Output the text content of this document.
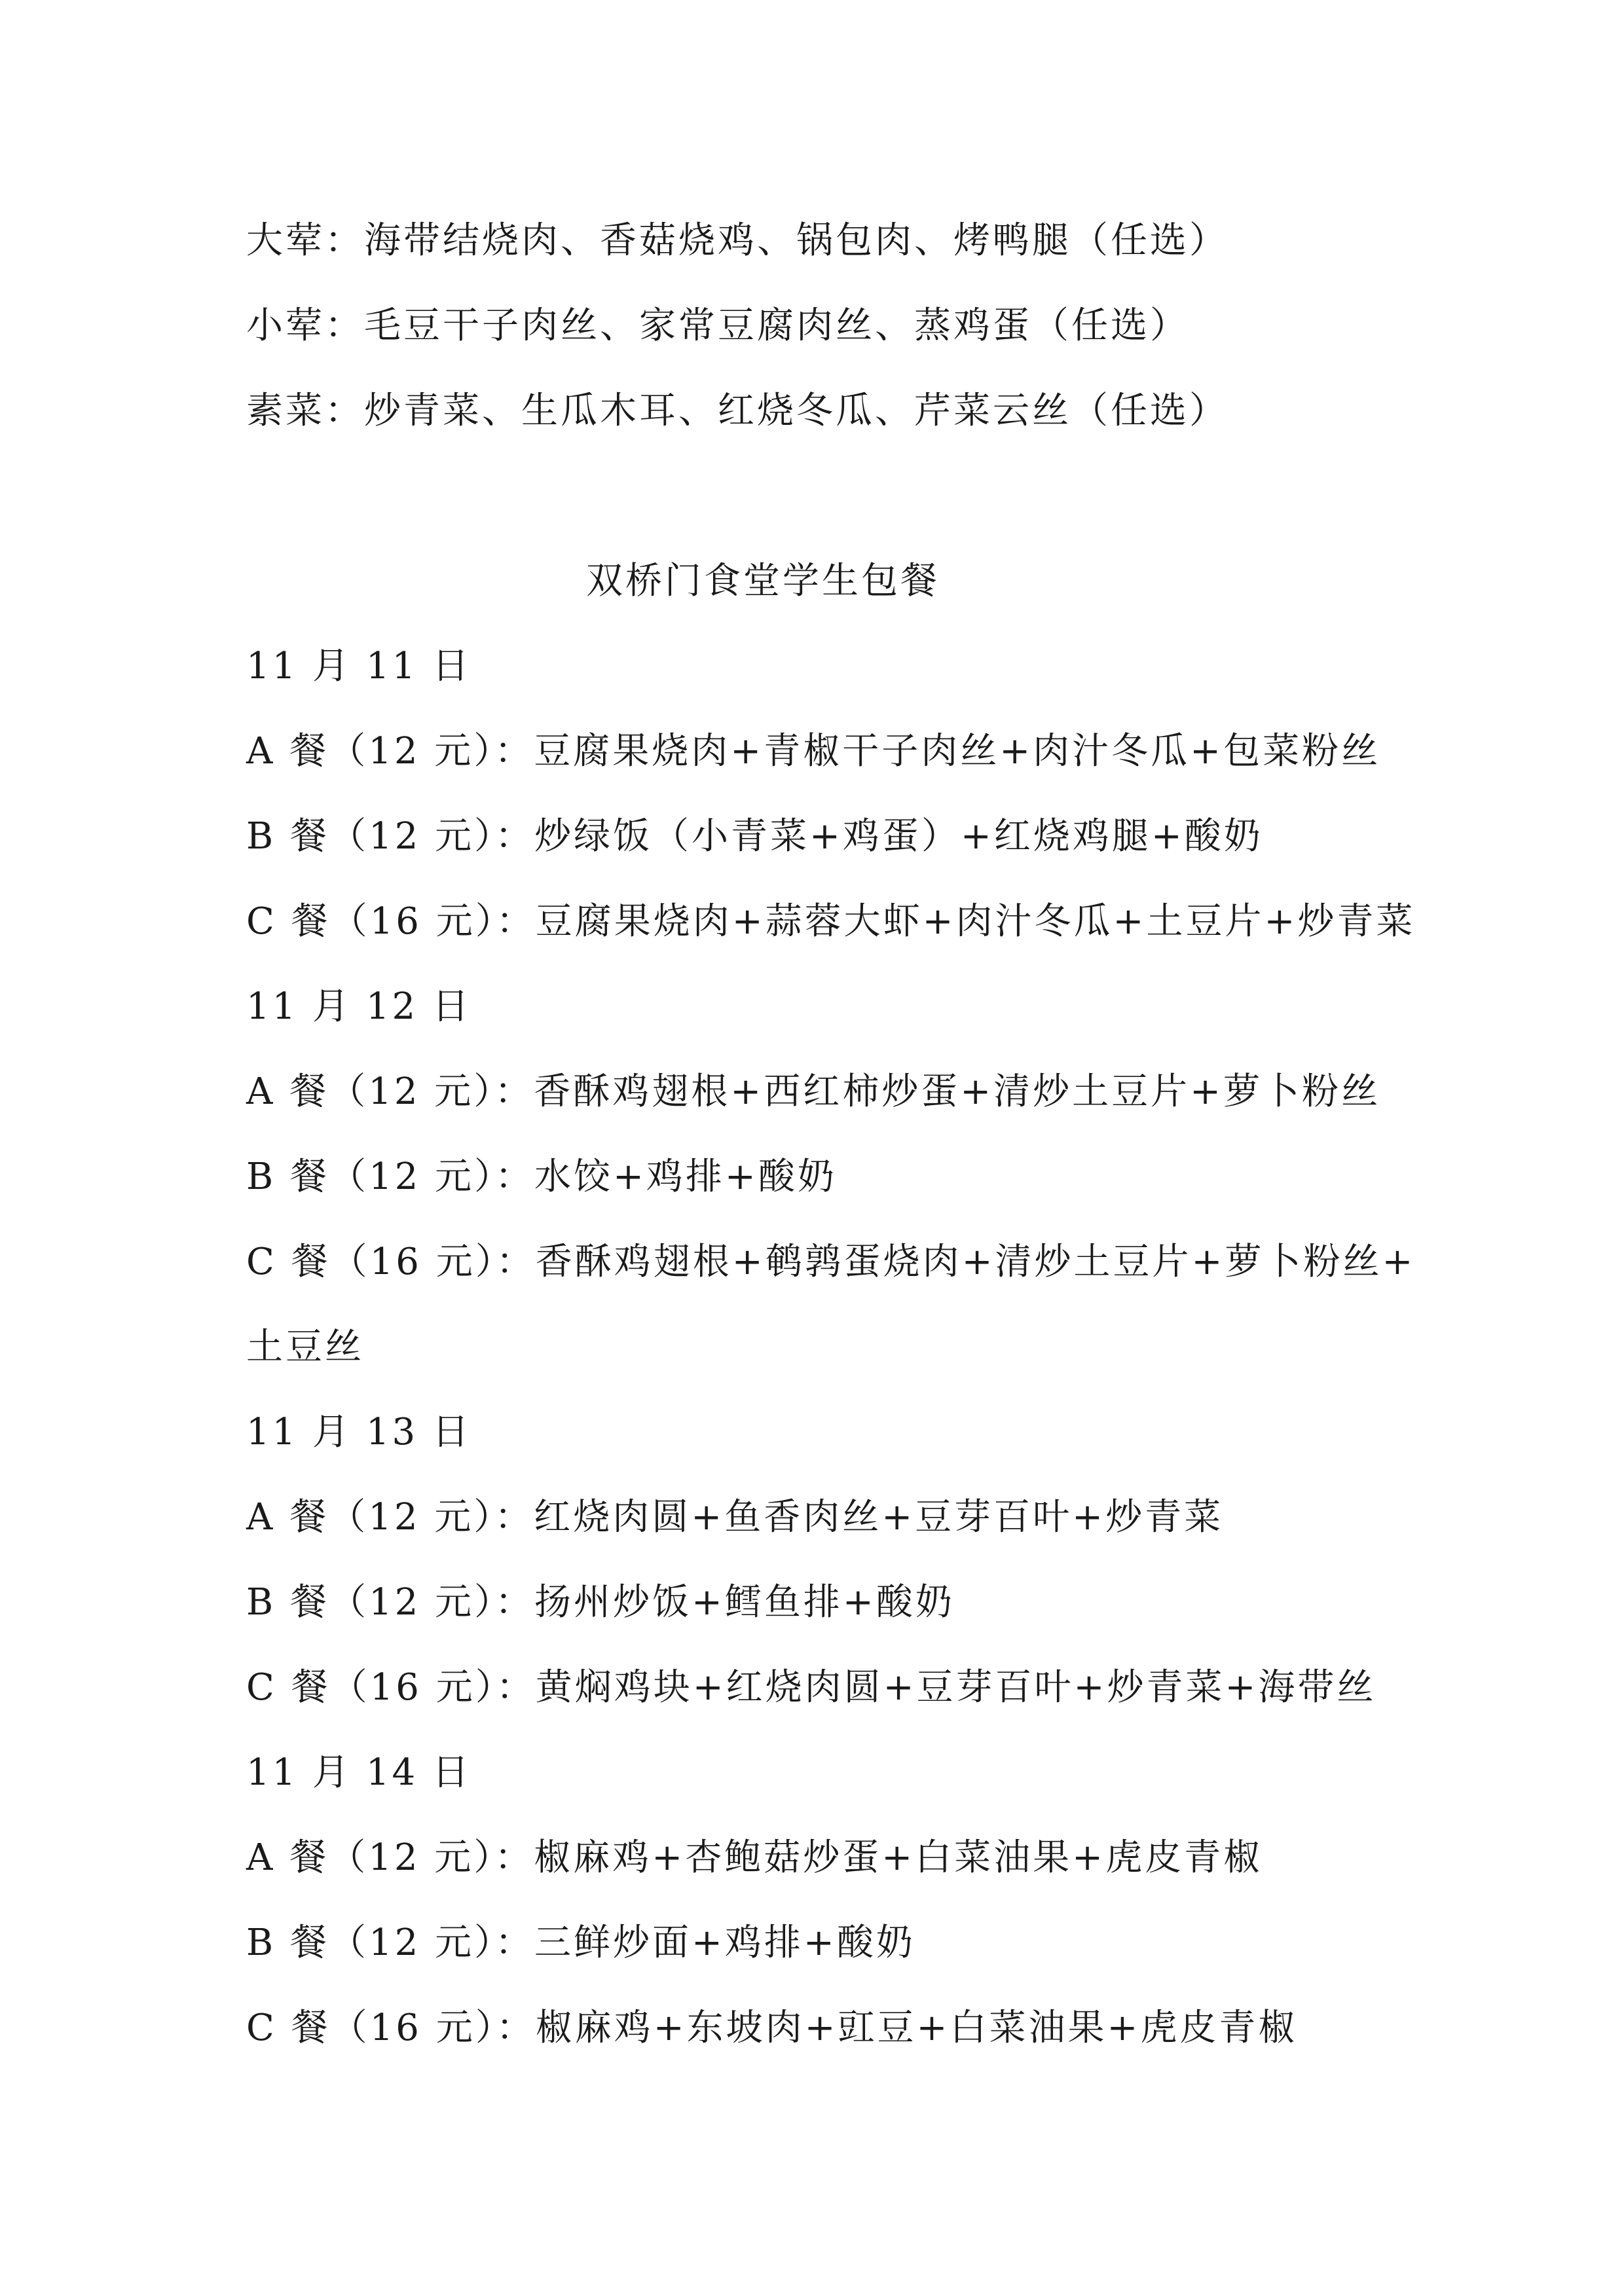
大荤：海带结烧肉、香菇烧鸡、锅包肉、烤鸭腿（任选）
小荤：毛豆干子肉丝、家常豆腐肉丝、蒸鸡蛋（任选）
素菜：炒青菜、生瓜木耳、红烧冬瓜、芹菜云丝（任选）
双桥门食堂学生包餐
11 月 11 日
A 餐（12 元）：豆腐果烧肉+青椒干子肉丝+肉汁冬瓜+包菜粉丝
B 餐（12 元）：炒绿饭（小青菜+鸡蛋）+红烧鸡腿+酸奶
C 餐（16 元）：豆腐果烧肉+蒜蓉大虾+肉汁冬瓜+土豆片+炒青菜
11 月 12 日
A 餐（12 元）：香酥鸡翅根+西红柿炒蛋+清炒土豆片+萝卜粉丝
B 餐（12 元）：水饺+鸡排+酸奶
C 餐（16 元）：香酥鸡翅根+鹌鹑蛋烧肉+清炒土豆片+萝卜粉丝+
土豆丝
11 月 13 日
A 餐（12 元）：红烧肉圆+鱼香肉丝+豆芽百叶+炒青菜
B 餐（12 元）：扬州炒饭+鳕鱼排+酸奶
C 餐（16 元）：黄焖鸡块+红烧肉圆+豆芽百叶+炒青菜+海带丝
11 月 14 日
A 餐（12 元）：椒麻鸡+杏鲍菇炒蛋+白菜油果+虎皮青椒
B 餐（12 元）：三鲜炒面+鸡排+酸奶
C 餐（16 元）：椒麻鸡+东坡肉+豇豆+白菜油果+虎皮青椒
